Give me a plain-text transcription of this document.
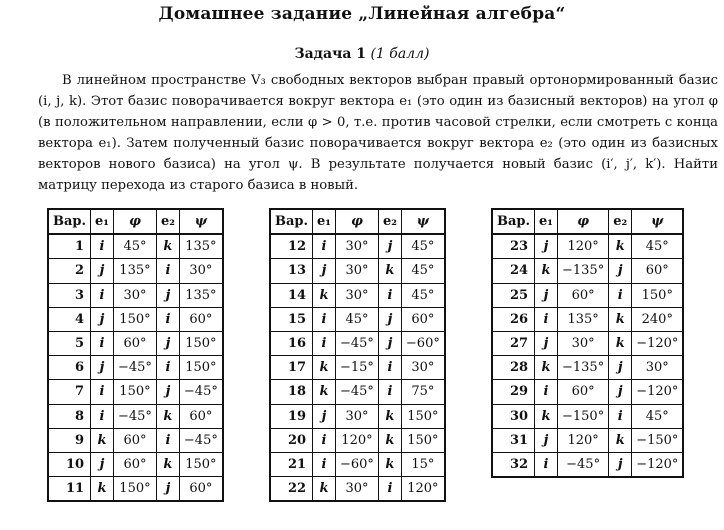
Домашнее задание „Линейная алгебра“
Задача 1 (1 балл)
В линейном пространстве V₃ свободных векторов выбран правый ортонормированный базис (i, j, k). Этот базис поворачивается вокруг вектора e₁ (это один из базисный векторов) на угол φ (в положительном направлении, если φ > 0, т.е. против часовой стрелки, если смотреть с конца вектора e₁). Затем полученный базис поворачивается вокруг вектора e₂ (это один из базисных векторов нового базиса) на угол ψ. В результате получается новый базис (i′, j′, k′). Найти матрицу перехода из старого базиса в новый.
Вар.	e₁	φ	e₂	ψ
1	i	45°	k	135°
2	j	135°	i	30°
3	i	30°	j	135°
4	j	150°	i	60°
5	i	60°	j	150°
6	j	−45°	i	150°
7	i	150°	j	−45°
8	i	−45°	k	60°
9	k	60°	i	−45°
10	j	60°	k	150°
11	k	150°	j	60°
Вар.	e₁	φ	e₂	ψ
12	i	30°	j	45°
13	j	30°	k	45°
14	k	30°	i	45°
15	i	45°	j	60°
16	i	−45°	j	−60°
17	k	−15°	i	30°
18	k	−45°	i	75°
19	j	30°	k	150°
20	i	120°	k	150°
21	i	−60°	k	15°
22	k	30°	i	120°
Вар.	e₁	φ	e₂	ψ
23	j	120°	k	45°
24	k	−135°	j	60°
25	j	60°	i	150°
26	i	135°	k	240°
27	j	30°	k	−120°
28	k	−135°	j	30°
29	i	60°	j	−120°
30	k	−150°	i	45°
31	j	120°	k	−150°
32	i	−45°	j	−120°
